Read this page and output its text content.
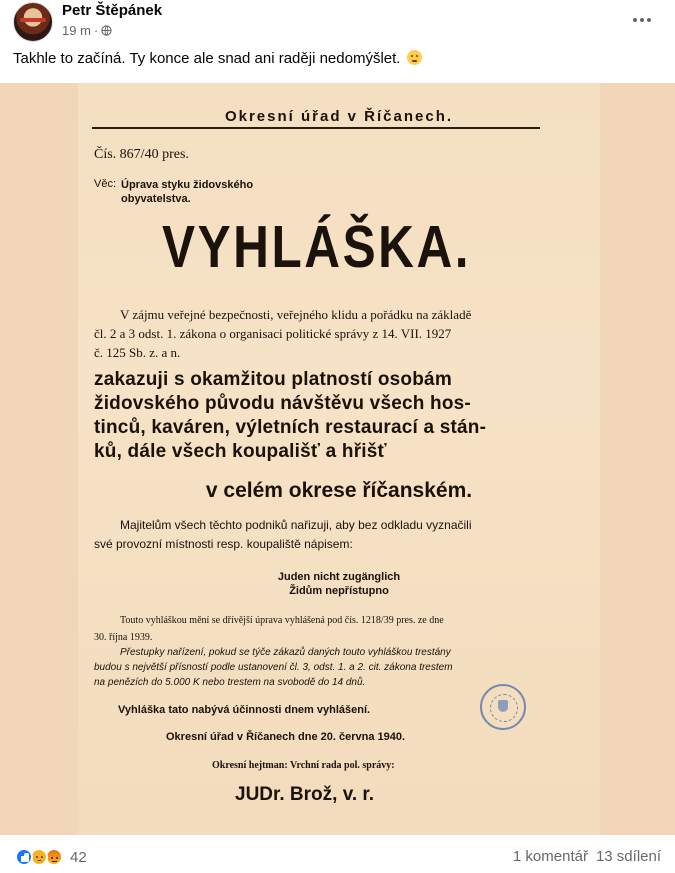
Petr Štěpánek
19 m ·
Takhle to začíná. Ty konce ale snad ani raději nedomýšlet.
Okresní úřad v Říčanech.
Čís. 867/40 pres.
Věc: Úprava styku židovského
obyvatelstva.
VYHLÁŠKA.
V zájmu veřejné bezpečnosti, veřejného klidu a pořádku na základě
čl. 2 a 3 odst. 1. zákona o organisaci politické správy z 14. VII. 1927
č. 125 Sb. z. a n.
zakazuji s okamžitou platností osobám
židovského původu návštěvu všech hos-
tinců, kaváren, výletních restaurací a stán-
ků, dále všech koupališť a hřišť
v celém okrese říčanském.
Majitelům všech těchto podniků nařizuji, aby bez odkladu vyznačili
své provozní místnosti resp. koupaliště nápisem:
Juden nicht zugänglich
Židům nepřístupno
Touto vyhláškou mění se dřívější úprava vyhlášená pod čís. 1218/39 pres. ze dne
30. října 1939.
Přestupky nařízení, pokud se týče zákazů daných touto vyhláškou trestány
budou s největší přísností podle ustanovení čl. 3, odst. 1. a 2. cit. zákona trestem
na penězích do 5.000 K nebo trestem na svobodě do 14 dnů.
Vyhláška tato nabývá účinnosti dnem vyhlášení.
Okresní úřad v Říčanech dne 20. června 1940.
Okresní hejtman: Vrchní rada pol. správy:
JUDr. Brož, v. r.
42	1 komentář 13 sdílení
